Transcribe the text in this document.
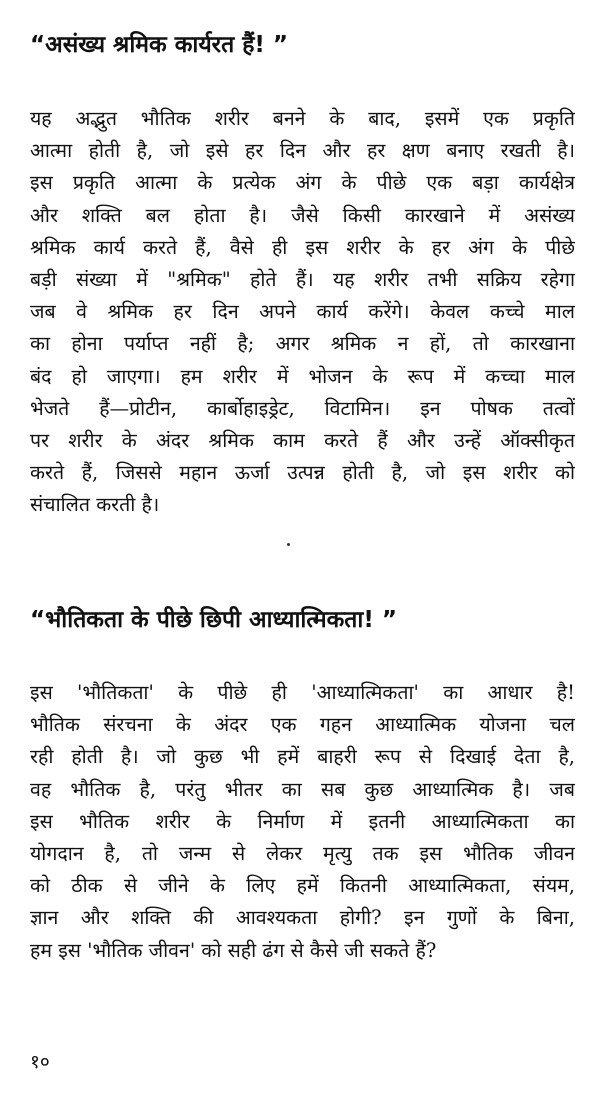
“असंख्य श्रमिक कार्यरत हैं! ”
यह अद्भुत भौतिक शरीर बनने के बाद, इसमें एक प्रकृति
आत्मा होती है, जो इसे हर दिन और हर क्षण बनाए रखती है।
इस प्रकृति आत्मा के प्रत्येक अंग के पीछे एक बड़ा कार्यक्षेत्र
और शक्ति बल होता है। जैसे किसी कारखाने में असंख्य
श्रमिक कार्य करते हैं, वैसे ही इस शरीर के हर अंग के पीछे
बड़ी संख्या में "श्रमिक" होते हैं। यह शरीर तभी सक्रिय रहेगा
जब वे श्रमिक हर दिन अपने कार्य करेंगे। केवल कच्चे माल
का होना पर्याप्त नहीं है; अगर श्रमिक न हों, तो कारखाना
बंद हो जाएगा। हम शरीर में भोजन के रूप में कच्चा माल
भेजते हैं—प्रोटीन, कार्बोहाइड्रेट, विटामिन। इन पोषक तत्वों
पर शरीर के अंदर श्रमिक काम करते हैं और उन्हें ऑक्सीकृत
करते हैं, जिससे महान ऊर्जा उत्पन्न होती है, जो इस शरीर को
संचालित करती है।
“भौतिकता के पीछे छिपी आध्यात्मिकता! ”
इस 'भौतिकता' के पीछे ही 'आध्यात्मिकता' का आधार है!
भौतिक संरचना के अंदर एक गहन आध्यात्मिक योजना चल
रही होती है। जो कुछ भी हमें बाहरी रूप से दिखाई देता है,
वह भौतिक है, परंतु भीतर का सब कुछ आध्यात्मिक है। जब
इस भौतिक शरीर के निर्माण में इतनी आध्यात्मिकता का
योगदान है, तो जन्म से लेकर मृत्यु तक इस भौतिक जीवन
को ठीक से जीने के लिए हमें कितनी आध्यात्मिकता, संयम,
ज्ञान और शक्ति की आवश्यकता होगी? इन गुणों के बिना,
हम इस 'भौतिक जीवन' को सही ढंग से कैसे जी सकते हैं?
१०
